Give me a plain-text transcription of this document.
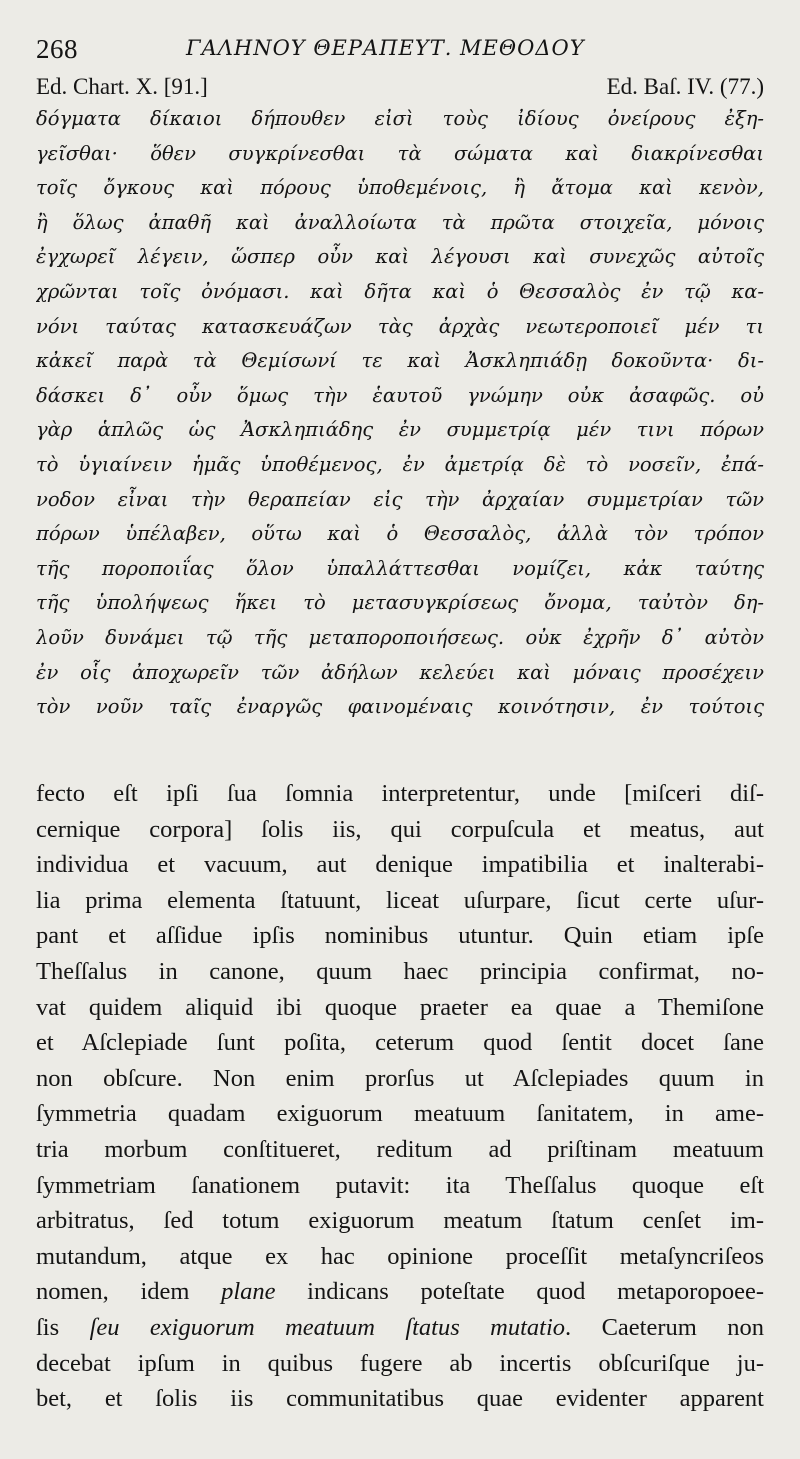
268	ΓΑΛΗΝΟΥ ΘΕΡΑΠΕΥΤ. ΜΕΘΟΔΟΥ
Ed. Chart. X. [91.]	Ed. Baſ. IV. (77.)
δόγματα δίκαιοι δήπουθεν εἰσὶ τοὺς ἰδίους ὀνείρους ἐξη-
γεῖσθαι· ὅθεν συγκρίνεσθαι τὰ σώματα καὶ διακρίνεσθαι
τοῖς ὄγκους καὶ πόρους ὑποθεμένοις, ἢ ἄτομα καὶ κενὸν,
ἢ ὅλως ἀπαθῆ καὶ ἀναλλοίωτα τὰ πρῶτα στοιχεῖα, μόνοις
ἐγχωρεῖ λέγειν, ὥσπερ οὖν καὶ λέγουσι καὶ συνεχῶς αὐτοῖς
χρῶνται τοῖς ὀνόμασι. καὶ δῆτα καὶ ὁ Θεσσαλὸς ἐν τῷ κα-
νόνι ταύτας κατασκευάζων τὰς ἀρχὰς νεωτεροποιεῖ μέν τι
κἀκεῖ παρὰ τὰ Θεμίσωνί τε καὶ Ἀσκληπιάδῃ δοκοῦντα· δι-
δάσκει δ᾽ οὖν ὅμως τὴν ἑαυτοῦ γνώμην οὐκ ἀσαφῶς. οὐ
γὰρ ἁπλῶς ὡς Ἀσκληπιάδης ἐν συμμετρίᾳ μέν τινι πόρων
τὸ ὑγιαίνειν ἡμᾶς ὑποθέμενος, ἐν ἀμετρίᾳ δὲ τὸ νοσεῖν, ἐπά-
νοδον εἶναι τὴν θεραπείαν εἰς τὴν ἀρχαίαν συμμετρίαν τῶν
πόρων ὑπέλαβεν, οὕτω καὶ ὁ Θεσσαλὸς, ἀλλὰ τὸν τρόπον
τῆς ποροποιΐας ὅλον ὑπαλλάττεσθαι νομίζει, κἀκ ταύτης
τῆς ὑπολήψεως ἥκει τὸ μετασυγκρίσεως ὄνομα, ταὐτὸν δη-
λοῦν δυνάμει τῷ τῆς μεταποροποιήσεως. οὐκ ἐχρῆν δ᾽ αὐτὸν
ἐν οἷς ἀποχωρεῖν τῶν ἀδήλων κελεύει καὶ μόναις προσέχειν
τὸν νοῦν ταῖς ἐναργῶς φαινομέναις κοινότησιν, ἐν τούτοις
fecto eſt ipſi ſua ſomnia interpretentur, unde [miſceri diſ-
cernique corpora] ſolis iis, qui corpuſcula et meatus, aut
individua et vacuum, aut denique impatibilia et inalterabi-
lia prima elementa ſtatuunt, liceat uſurpare, ſicut certe uſur-
pant et aſſidue ipſis nominibus utuntur. Quin etiam ipſe
Theſſalus in canone, quum haec principia confirmat, no-
vat quidem aliquid ibi quoque praeter ea quae a Themiſone
et Aſclepiade ſunt poſita, ceterum quod ſentit docet ſane
non obſcure. Non enim prorſus ut Aſclepiades quum in
ſymmetria quadam exiguorum meatuum ſanitatem, in ame-
tria morbum conſtitueret, reditum ad priſtinam meatuum
ſymmetriam ſanationem putavit: ita Theſſalus quoque eſt
arbitratus, ſed totum exiguorum meatum ſtatum cenſet im-
mutandum, atque ex hac opinione proceſſit metaſyncriſeos
nomen, idem plane indicans poteſtate quod metaporopoee-
ſis ſeu exiguorum meatuum ſtatus mutatio. Caeterum non
decebat ipſum in quibus fugere ab incertis obſcuriſque ju-
bet, et ſolis iis communitatibus quae evidenter apparent
